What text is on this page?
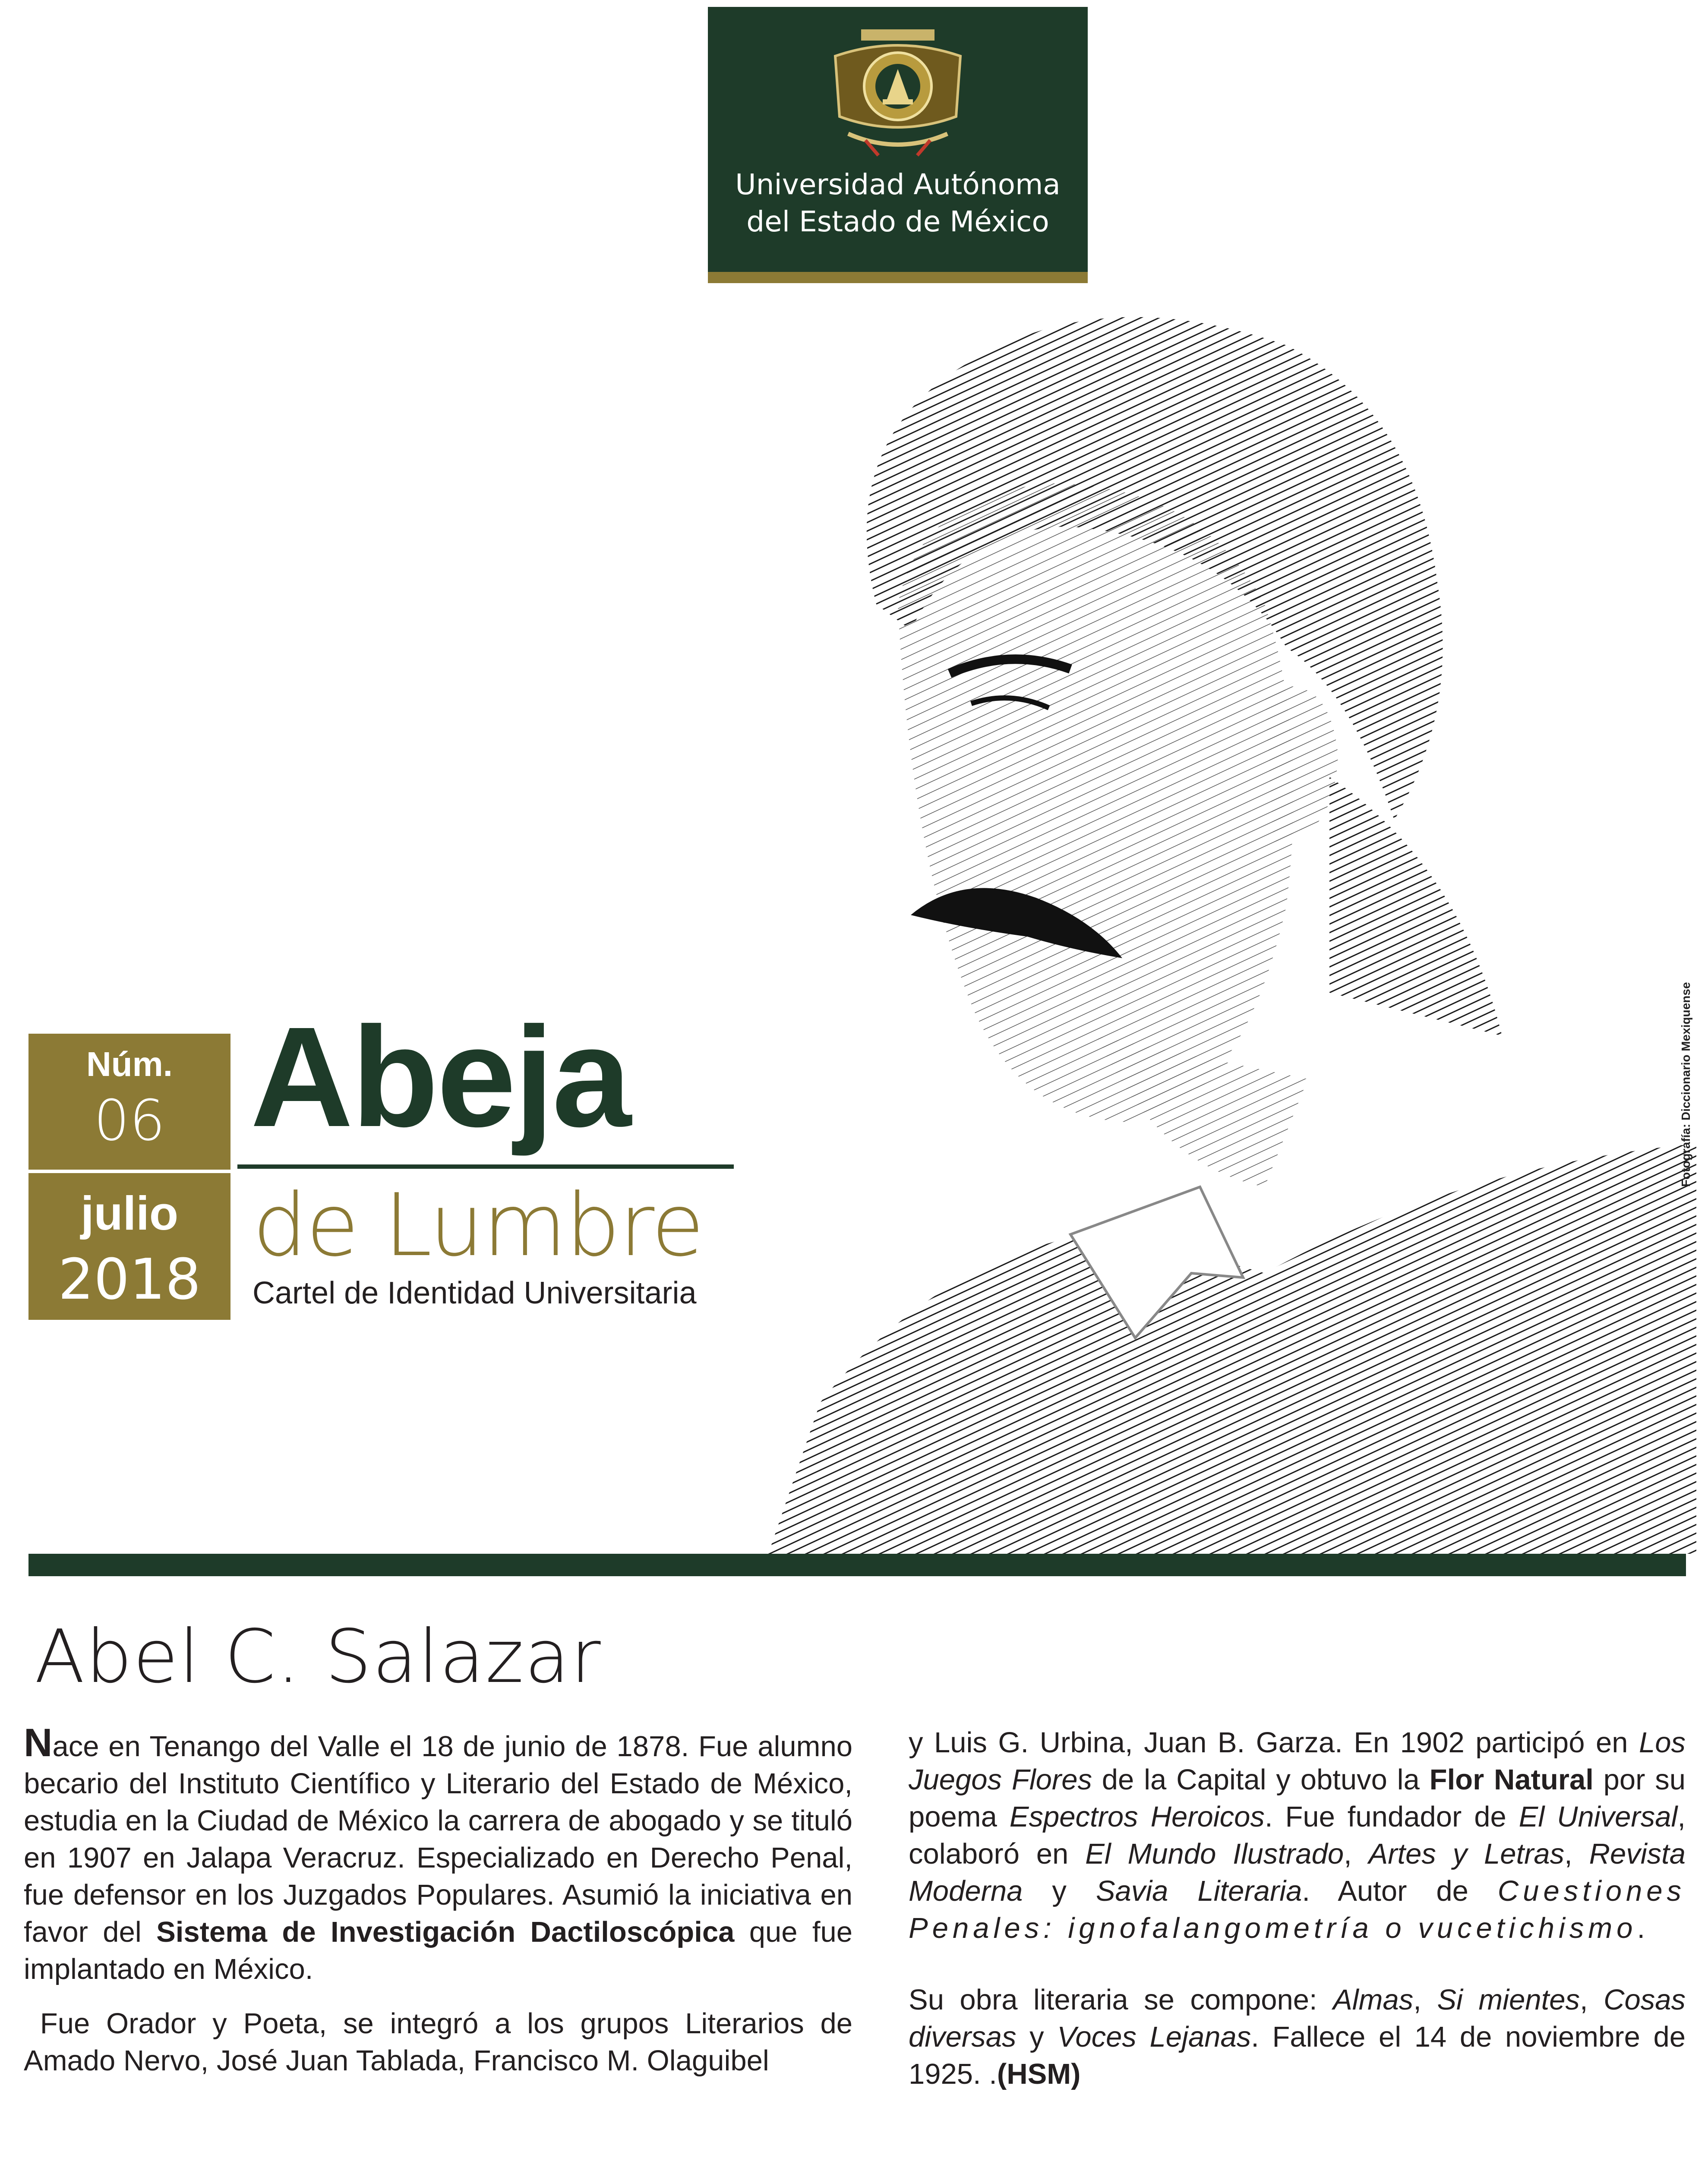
Universidad Autónoma
del Estado de México
Fotografía: Diccionario Mexiquense
Núm.
06
julio
2018
Abeja
de Lumbre
Cartel de Identidad Universitaria
Abel C. Salazar

Nace en Tenango del Valle el 18 de junio de 1878. Fue alumno becario del Instituto Científico y Literario del Estado de México, estudia en la Ciudad de México la carrera de abogado y se tituló en 1907 en Jalapa Veracruz. Especializado en Derecho Penal, fue defensor en los Juzgados Populares. Asumió la iniciativa en favor del Sistema de Investigación Dactiloscópica que fue implantado en México.

Fue Orador y Poeta, se integró a los grupos Literarios de Amado Nervo, José Juan Tablada, Francisco M. Olaguibel

y Luis G. Urbina, Juan B. Garza. En 1902 participó en Los Juegos Flores de la Capital y obtuvo la Flor Natural por su poema Espectros Heroicos. Fue fundador de El Universal, colaboró en El Mundo Ilustrado, Artes y Letras, Revista Moderna y Savia Literaria. Autor de Cuestiones Penales: ignofalangometría o vucetichismo.

Su obra literaria se compone: Almas, Si mientes, Cosas diversas y Voces Lejanas. Fallece el 14 de noviembre de 1925. .(HSM)
